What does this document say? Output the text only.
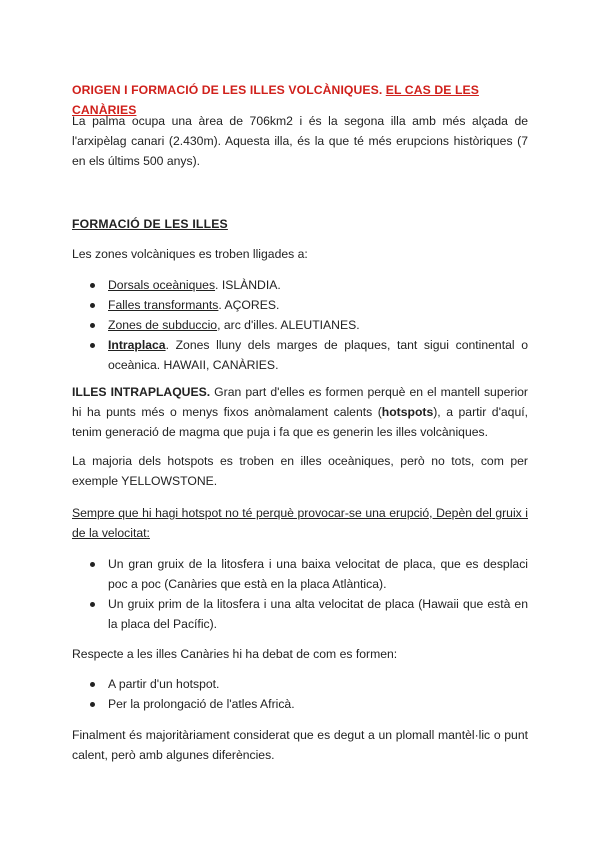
ORIGEN I FORMACIÓ DE LES ILLES VOLCÀNIQUES. EL CAS DE LES CANÀRIES
La palma ocupa una àrea de 706km2 i és la segona illa amb més alçada de l'arxipèlag canari (2.430m). Aquesta illa, és la que té més erupcions històriques (7 en els últims 500 anys).
FORMACIÓ DE LES ILLES
Les zones volcàniques es troben lligades a:
Dorsals oceàniques. ISLÀNDIA.
Falles transformants. AÇORES.
Zones de subduccio, arc d'illes. ALEUTIANES.
Intraplaca. Zones lluny dels marges de plaques, tant sigui continental o oceànica. HAWAII, CANÀRIES.
ILLES INTRAPLAQUES. Gran part d'elles es formen perquè en el mantell superior hi ha punts més o menys fixos anòmalament calents (hotspots), a partir d'aquí, tenim generació de magma que puja i fa que es generin les illes volcàniques.
La majoria dels hotspots es troben en illes oceàniques, però no tots, com per exemple YELLOWSTONE.
Sempre que hi hagi hotspot no té perquè provocar-se una erupció, Depèn del gruix i de la velocitat:
Un gran gruix de la litosfera i una baixa velocitat de placa, que es desplaci poc a poc (Canàries que està en la placa Atlàntica).
Un gruix prim de la litosfera i una alta velocitat de placa (Hawaii que està en la placa del Pacífic).
Respecte a les illes Canàries hi ha debat de com es formen:
A partir d'un hotspot.
Per la prolongació de l'atles Africà.
Finalment és majoritàriament considerat que es degut a un plomall mantèl·lic o punt calent, però amb algunes diferències.
